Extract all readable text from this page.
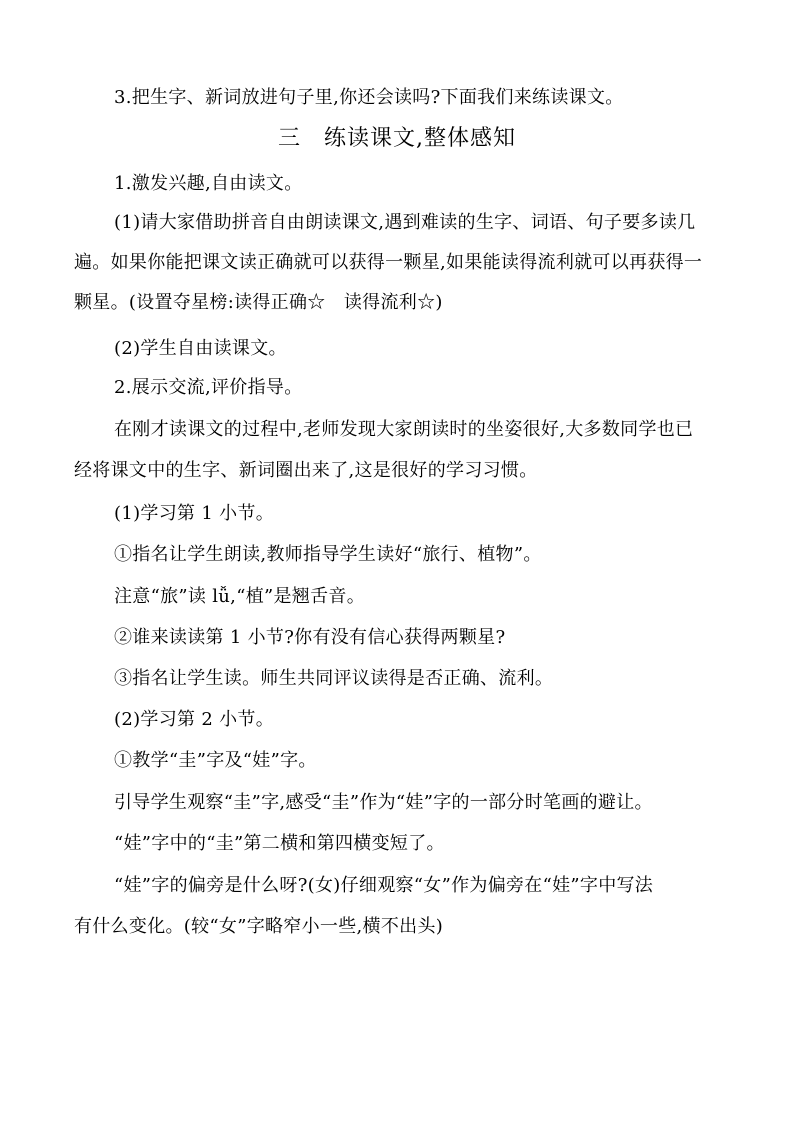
3.把生字、新词放进句子里,你还会读吗?下面我们来练读课文。
三　练读课文,整体感知
1.激发兴趣,自由读文。
(1)请大家借助拼音自由朗读课文,遇到难读的生字、词语、句子要多读几
遍。如果你能把课文读正确就可以获得一颗星,如果能读得流利就可以再获得一
颗星。(设置夺星榜:读得正确☆　读得流利☆)
(2)学生自由读课文。
2.展示交流,评价指导。
在刚才读课文的过程中,老师发现大家朗读时的坐姿很好,大多数同学也已
经将课文中的生字、新词圈出来了,这是很好的学习习惯。
(1)学习第 1 小节。
①指名让学生朗读,教师指导学生读好“旅行、植物”。
注意“旅”读 lǚ,“植”是翘舌音。
②谁来读读第 1 小节?你有没有信心获得两颗星?
③指名让学生读。师生共同评议读得是否正确、流利。
(2)学习第 2 小节。
①教学“圭”字及“娃”字。
引导学生观察“圭”字,感受“圭”作为“娃”字的一部分时笔画的避让。
“娃”字中的“圭”第二横和第四横变短了。
“娃”字的偏旁是什么呀?(女)仔细观察“女”作为偏旁在“娃”字中写法
有什么变化。(较“女”字略窄小一些,横不出头)
